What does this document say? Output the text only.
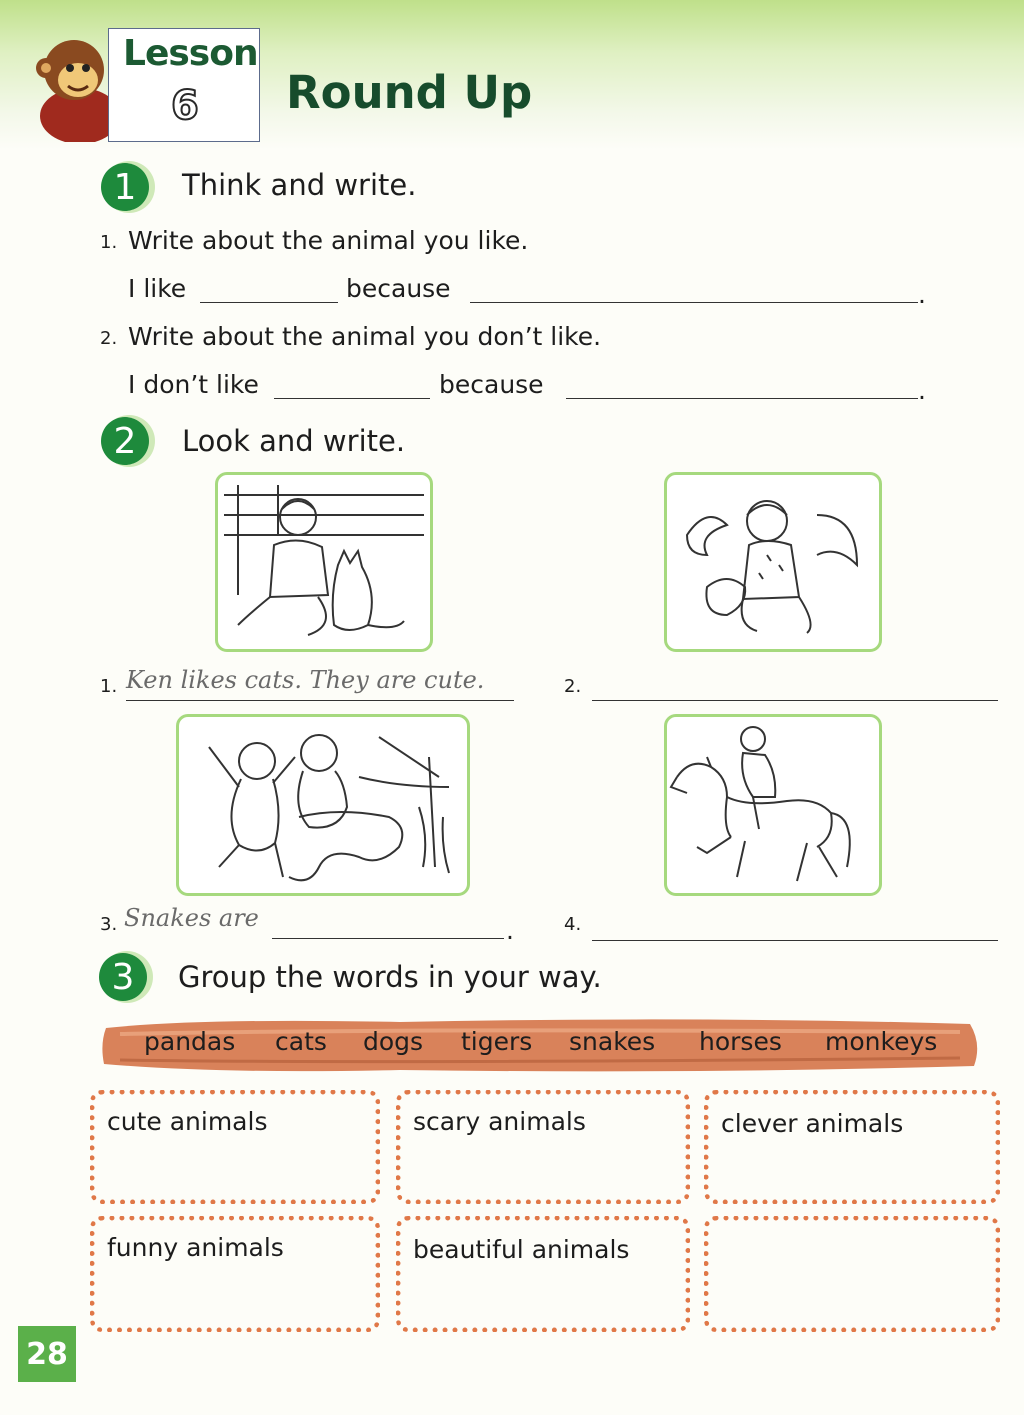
Lesson
6 Round Up
1	Think and write.
1. Write about the animal you like.
I like	because	.
2. Write about the animal you don’t like.
I don’t like	because	.
2	Look and write.
1. Ken likes cats. They are cute.	2.
3. Snakes are	.	4.
3	Group the words in your way.
pandas cats dogs tigers snakes horses monkeys
cute animals	scary animals	clever animals
funny animals	beautiful animals
28
